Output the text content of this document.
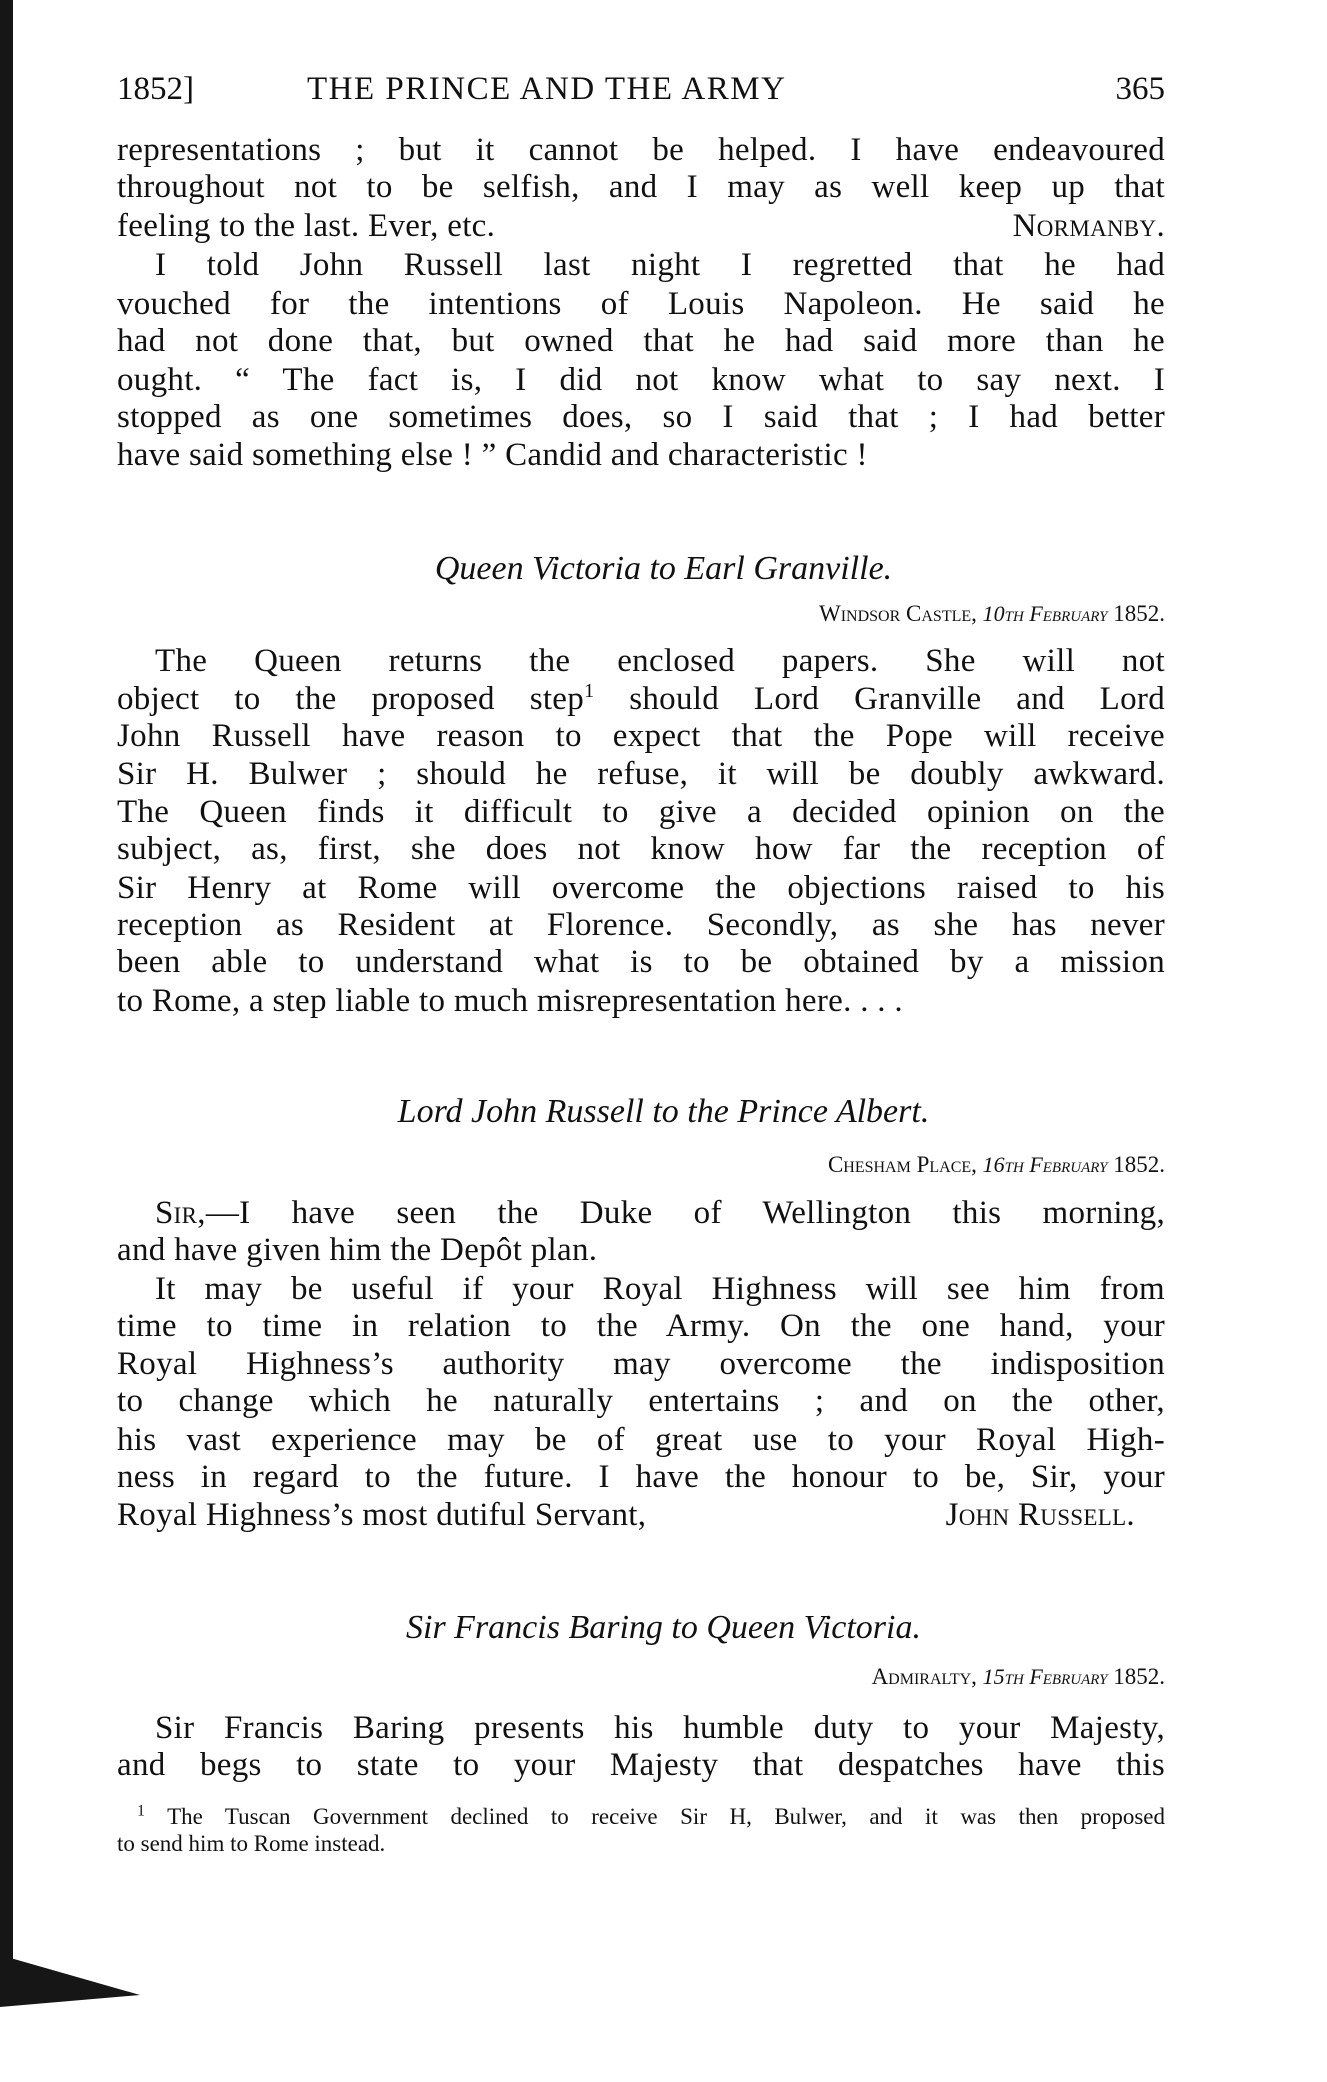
1852]	THE PRINCE AND THE ARMY	365
representations ; but it cannot be helped. I have endeavoured
throughout not to be selfish, and I may as well keep up that
feeling to the last. Ever, etc.	Normanby.
I told John Russell last night I regretted that he had
vouched for the intentions of Louis Napoleon. He said he
had not done that, but owned that he had said more than he
ought. “ The fact is, I did not know what to say next. I
stopped as one sometimes does, so I said that ; I had better
have said something else ! ” Candid and characteristic !
Queen Victoria to Earl Granville.
Windsor Castle, 10th February 1852.
The Queen returns the enclosed papers. She will not
object to the proposed step$^1$ should Lord Granville and Lord
John Russell have reason to expect that the Pope will receive
Sir H. Bulwer ; should he refuse, it will be doubly awkward.
The Queen finds it difficult to give a decided opinion on the
subject, as, first, she does not know how far the reception of
Sir Henry at Rome will overcome the objections raised to his
reception as Resident at Florence. Secondly, as she has never
been able to understand what is to be obtained by a mission
to Rome, a step liable to much misrepresentation here. . . .
Lord John Russell to the Prince Albert.
Chesham Place, 16th February 1852.
Sir,—I have seen the Duke of Wellington this morning,
and have given him the Depôt plan.
It may be useful if your Royal Highness will see him from
time to time in relation to the Army. On the one hand, your
Royal Highness’s authority may overcome the indisposition
to change which he naturally entertains ; and on the other,
his vast experience may be of great use to your Royal High-
ness in regard to the future. I have the honour to be, Sir, your
Royal Highness’s most dutiful Servant,	John Russell.
Sir Francis Baring to Queen Victoria.
Admiralty, 15th February 1852.
Sir Francis Baring presents his humble duty to your Majesty,
and begs to state to your Majesty that despatches have this
$^1$ The Tuscan Government declined to receive Sir H, Bulwer, and it was then proposed
to send him to Rome instead.
